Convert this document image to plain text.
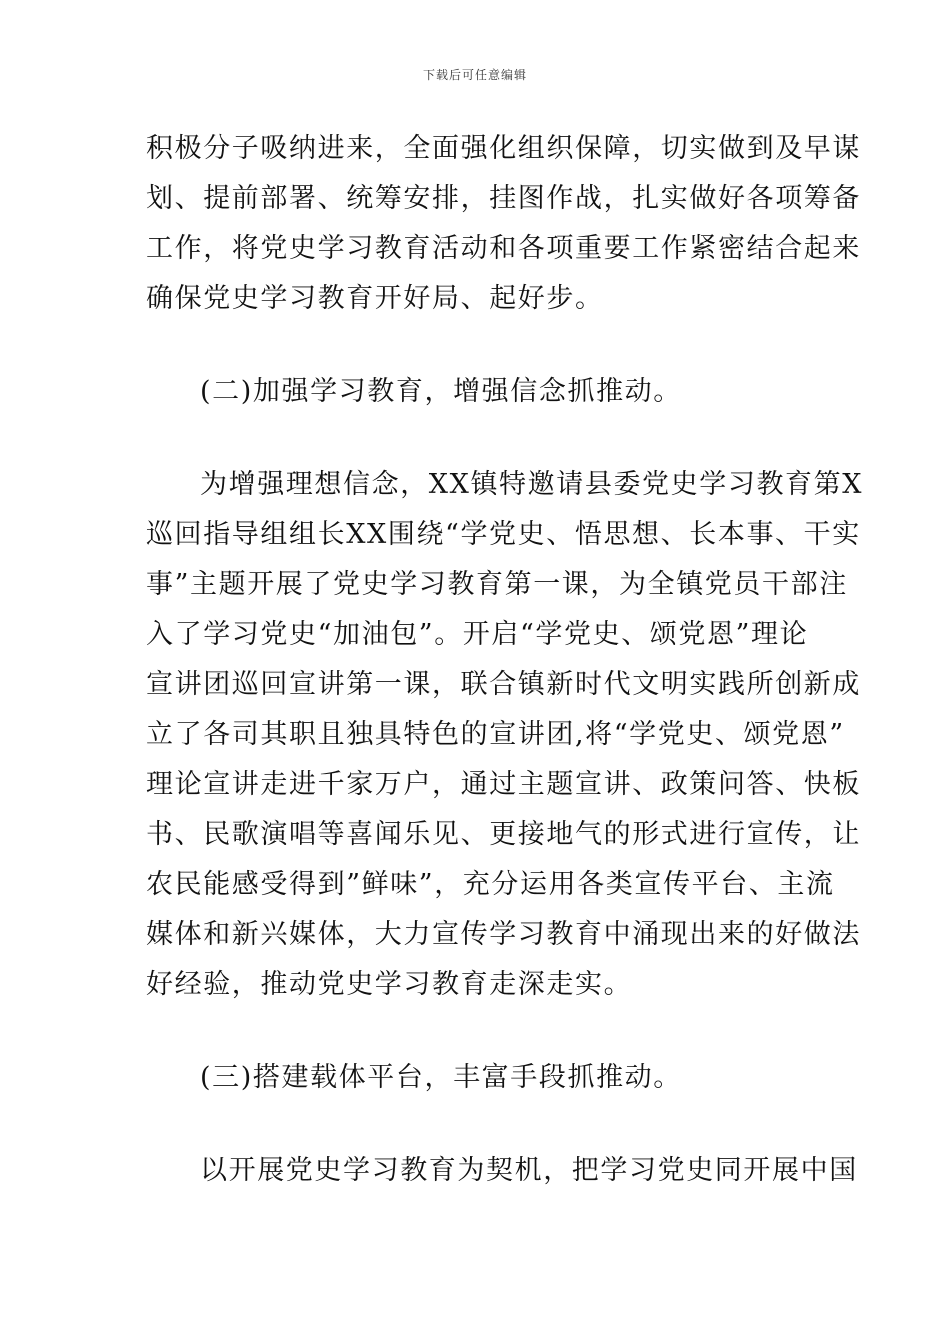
下载后可任意编辑
积极分子吸纳进来，全面强化组织保障，切实做到及早谋
划、提前部署、统筹安排，挂图作战，扎实做好各项筹备
工作，将党史学习教育活动和各项重要工作紧密结合起来
确保党史学习教育开好局、起好步。
(二)加强学习教育，增强信念抓推动。
为增强理想信念，XX镇特邀请县委党史学习教育第X
巡回指导组组长XX围绕“学党史、悟思想、长本事、干实
事”主题开展了党史学习教育第一课，为全镇党员干部注
入了学习党史“加油包”。开启“学党史、颂党恩”理论
宣讲团巡回宣讲第一课，联合镇新时代文明实践所创新成
立了各司其职且独具特色的宣讲团,将“学党史、颂党恩”
理论宣讲走进千家万户，通过主题宣讲、政策问答、快板
书、民歌演唱等喜闻乐见、更接地气的形式进行宣传，让
农民能感受得到”鲜味”，充分运用各类宣传平台、主流
媒体和新兴媒体，大力宣传学习教育中涌现出来的好做法
好经验，推动党史学习教育走深走实。
(三)搭建载体平台，丰富手段抓推动。
以开展党史学习教育为契机，把学习党史同开展中国
